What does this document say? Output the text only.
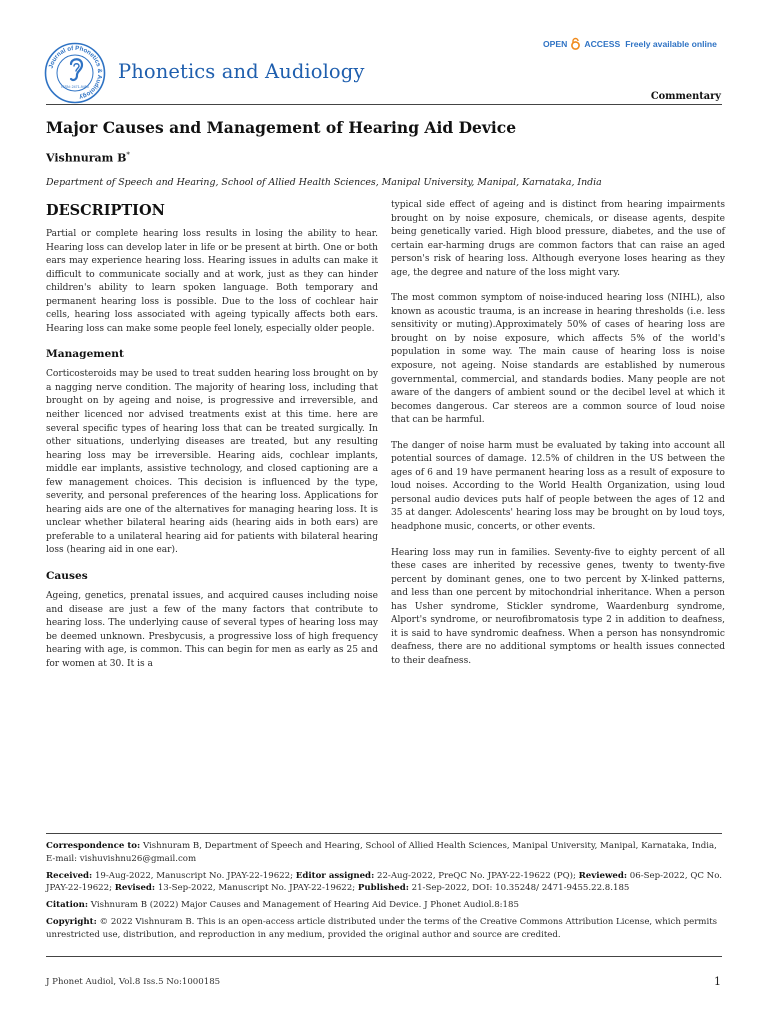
Journal of Phonetics & Audiology
ISSN: 2471-9455
Phonetics and Audiology
OPEN ACCESS Freely available online
Commentary
Major Causes and Management of Hearing Aid Device
Vishnuram B*
Department of Speech and Hearing, School of Allied Health Sciences, Manipal University, Manipal, Karnataka, India
DESCRIPTION

Partial or complete hearing loss results in losing the ability to hear. Hearing loss can develop later in life or be present at birth. One or both ears may experience hearing loss. Hearing issues in adults can make it difficult to communicate socially and at work, just as they can hinder children's ability to learn spoken language. Both temporary and permanent hearing loss is possible. Due to the loss of cochlear hair cells, hearing loss associated with ageing typically affects both ears. Hearing loss can make some people feel lonely, especially older people.

Management

Corticosteroids may be used to treat sudden hearing loss brought on by a nagging nerve condition. The majority of hearing loss, including that brought on by ageing and noise, is progressive and irreversible, and neither licenced nor advised treatments exist at this time. here are several specific types of hearing loss that can be treated surgically. In other situations, underlying diseases are treated, but any resulting hearing loss may be irreversible. Hearing aids, cochlear implants, middle ear implants, assistive technology, and closed captioning are a few management choices. This decision is influenced by the type, severity, and personal preferences of the hearing loss. Applications for hearing aids are one of the alternatives for managing hearing loss. It is unclear whether bilateral hearing aids (hearing aids in both ears) are preferable to a unilateral hearing aid for patients with bilateral hearing loss (hearing aid in one ear).

Causes

Ageing, genetics, prenatal issues, and acquired causes including noise and disease are just a few of the many factors that contribute to hearing loss. The underlying cause of several types of hearing loss may be deemed unknown. Presbycusis, a progressive loss of high frequency hearing with age, is common. This can begin for men as early as 25 and for women at 30. It is a

typical side effect of ageing and is distinct from hearing impairments brought on by noise exposure, chemicals, or disease agents, despite being genetically varied. High blood pressure, diabetes, and the use of certain ear-harming drugs are common factors that can raise an aged person's risk of hearing loss. Although everyone loses hearing as they age, the degree and nature of the loss might vary.

The most common symptom of noise-induced hearing loss (NIHL), also known as acoustic trauma, is an increase in hearing thresholds (i.e. less sensitivity or muting).Approximately 50% of cases of hearing loss are brought on by noise exposure, which affects 5% of the world's population in some way. The main cause of hearing loss is noise exposure, not ageing. Noise standards are established by numerous governmental, commercial, and standards bodies. Many people are not aware of the dangers of ambient sound or the decibel level at which it becomes dangerous. Car stereos are a common source of loud noise that can be harmful.

The danger of noise harm must be evaluated by taking into account all potential sources of damage. 12.5% of children in the US between the ages of 6 and 19 have permanent hearing loss as a result of exposure to loud noises. According to the World Health Organization, using loud personal audio devices puts half of people between the ages of 12 and 35 at danger. Adolescents' hearing loss may be brought on by loud toys, headphone music, concerts, or other events.

Hearing loss may run in families. Seventy-five to eighty percent of all these cases are inherited by recessive genes, twenty to twenty-five percent by dominant genes, one to two percent by X-linked patterns, and less than one percent by mitochondrial inheritance. When a person has Usher syndrome, Stickler syndrome, Waardenburg syndrome, Alport's syndrome, or neurofibromatosis type 2 in addition to deafness, it is said to have syndromic deafness. When a person has nonsyndromic deafness, there are no additional symptoms or health issues connected to their deafness.

Correspondence to: Vishnuram B, Department of Speech and Hearing, School of Allied Health Sciences, Manipal University, Manipal, Karnataka, India, E-mail: vishuvishnu26@gmail.com

Received: 19-Aug-2022, Manuscript No. JPAY-22-19622; Editor assigned: 22-Aug-2022, PreQC No. JPAY-22-19622 (PQ); Reviewed: 06-Sep-2022, QC No. JPAY-22-19622; Revised: 13-Sep-2022, Manuscript No. JPAY-22-19622; Published: 21-Sep-2022, DOI: 10.35248/ 2471-9455.22.8.185

Citation: Vishnuram B (2022) Major Causes and Management of Hearing Aid Device. J Phonet Audiol.8:185

Copyright: © 2022 Vishnuram B. This is an open-access article distributed under the terms of the Creative Commons Attribution License, which permits unrestricted use, distribution, and reproduction in any medium, provided the original author and source are credited.

J Phonet Audiol, Vol.8 Iss.5 No:1000185	1
